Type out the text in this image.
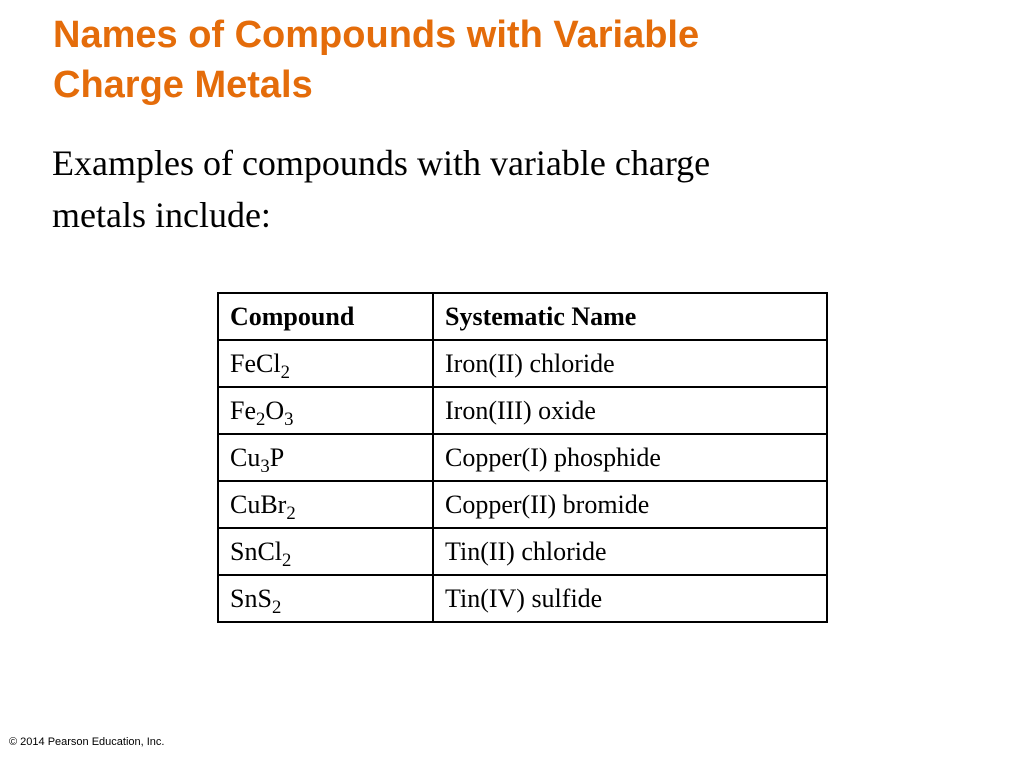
Names of Compounds with Variable
Charge Metals

Examples of compounds with variable charge
metals include:

Compound	Systematic Name
FeCl$_2$	Iron(II) chloride
$Fe_2O_3$	Iron(III) oxide
$Cu_3P$	Copper(I) phosphide
CuBr$_2$	Copper(II) bromide
SnCl$_2$	Tin(II) chloride
SnS$_2$	Tin(IV) sulfide

© 2014 Pearson Education, Inc.
